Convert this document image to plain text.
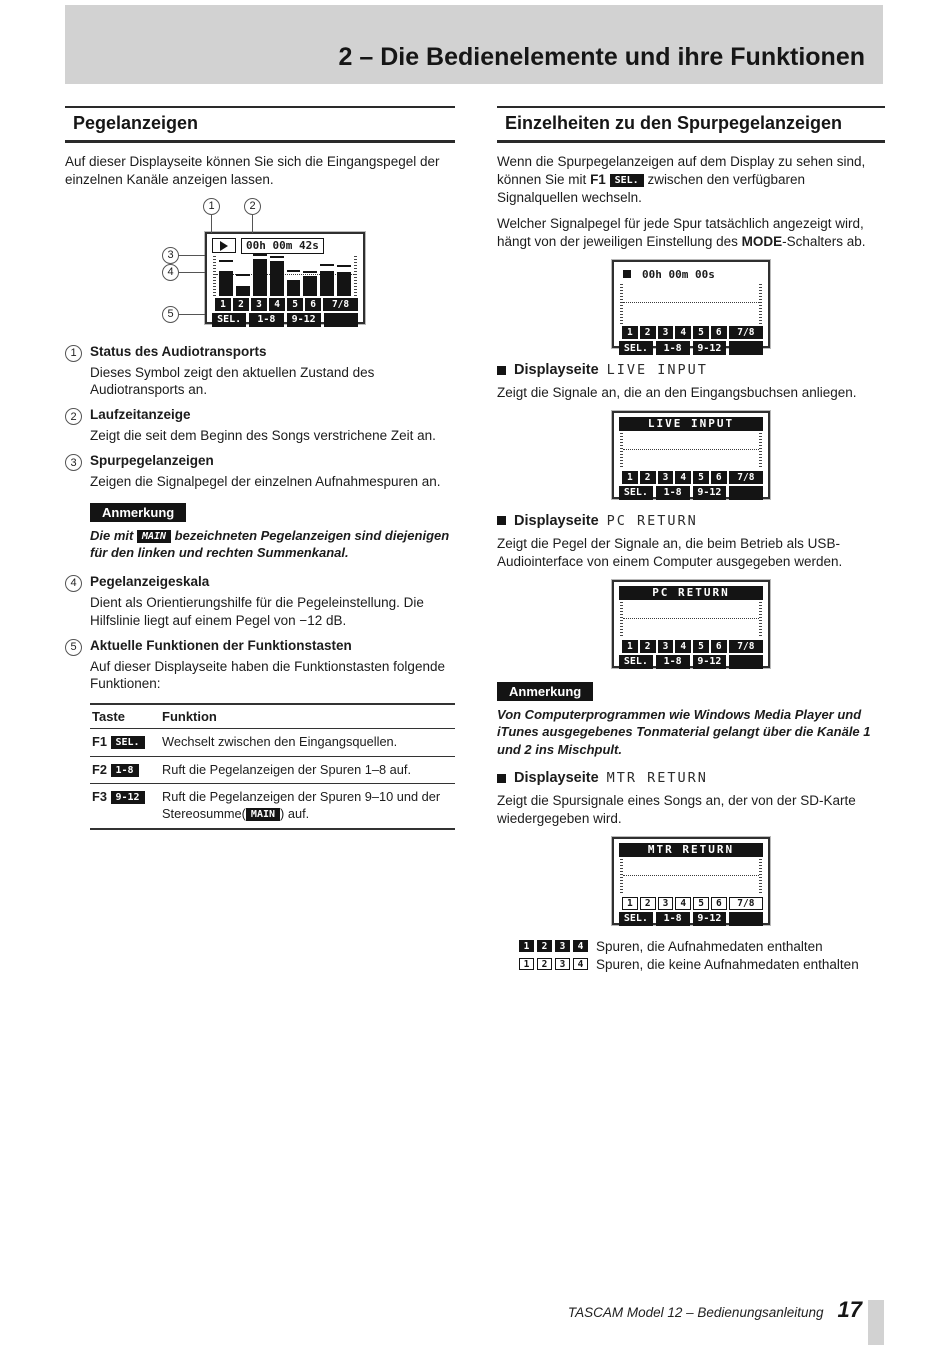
2 – Die Bedienelemente und ihre Funktionen
Pegelanzeigen

Auf dieser Displayseite können Sie sich die Eingangspegel der einzelnen Kanäle anzeigen lassen.

1	2
3
4
5
00h 00m 42s
1	2	3	4	5	6	7/8
SEL.	1-8	9-12
1 Status des Audiotransports
Dieses Symbol zeigt den aktuellen Zustand des Audiotransports an.
2 Laufzeitanzeige
Zeigt die seit dem Beginn des Songs verstrichene Zeit an.
3 Spurpegelanzeigen
Zeigen die Signalpegel der einzelnen Aufnahmespuren an.
Anmerkung
Die mit MAIN bezeichneten Pegelanzeigen sind diejenigen für den linken und rechten Summenkanal.
4 Pegelanzeigeskala
Dient als Orientierungshilfe für die Pegeleinstellung. Die Hilfslinie liegt auf einem Pegel von −12 dB.
5 Aktuelle Funktionen der Funktionstasten
Auf dieser Displayseite haben die Funktionstasten folgende Funktionen:
Taste	Funktion
F1 SEL.	Wechselt zwischen den Eingangsquellen.
F2 1-8	Ruft die Pegelanzeigen der Spuren 1–8 auf.
F3 9-12	Ruft die Pegelanzeigen der Spuren 9–10 und der Stereosumme( MAIN ) auf.
Einzelheiten zu den Spurpegelanzeigen

Wenn die Spurpegelanzeigen auf dem Display zu sehen sind, können Sie mit F1 SEL. zwischen den verfügbaren Signalquellen wechseln.

Welcher Signalpegel für jede Spur tatsächlich angezeigt wird, hängt von der jeweiligen Einstellung des MODE-Schalters ab.

00h 00m 00s
1	2	3	4	5	6	7/8
SEL.	1-8	9-12
Displayseite LIVE INPUT

Zeigt die Signale an, die an den Eingangsbuchsen anliegen.

LIVE INPUT
1	2	3	4	5	6	7/8
SEL.	1-8	9-12
Displayseite PC RETURN

Zeigt die Pegel der Signale an, die beim Betrieb als USB-Audiointerface von einem Computer ausgegeben werden.

PC RETURN
1	2	3	4	5	6	7/8
SEL.	1-8	9-12
Anmerkung
Von Computerprogrammen wie Windows Media Player und iTunes ausgegebenes Tonmaterial gelangt über die Kanäle 1 und 2 ins Mischpult.
Displayseite MTR RETURN

Zeigt die Spursignale eines Songs an, der von der SD-Karte wiedergegeben wird.

MTR RETURN
1	2	3	4	5	6	7/8
SEL.	1-8	9-12
1	2	3	4 Spuren, die Aufnahmedaten enthalten
1	2	3	4 Spuren, die keine Aufnahmedaten enthalten
TASCAM Model 12 – Bedienungsanleitung 17
